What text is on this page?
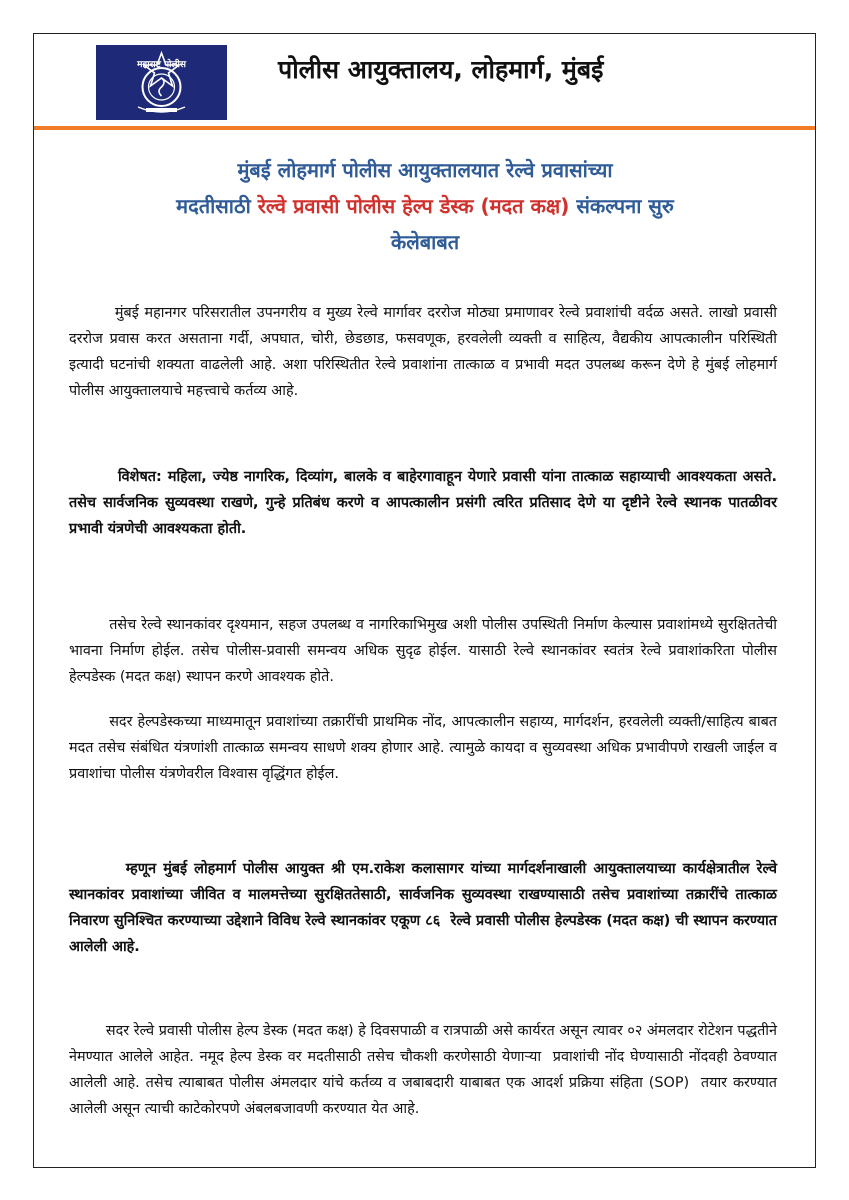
महाराष्ट्र पोलीस	पोलीस आयुक्तालय, लोहमार्ग, मुंबई
मुंबई लोहमार्ग पोलीस आयुक्तालयात रेल्वे प्रवासांच्या
मदतीसाठी रेल्वे प्रवासी पोलीस हेल्प डेस्क (मदत कक्ष) संकल्पना सुरु
केलेबाबत

मुंबई महानगर परिसरातील उपनगरीय व मुख्य रेल्वे मार्गावर दररोज मोठ्या प्रमाणावर रेल्वे प्रवाशांची वर्दळ असते. लाखो प्रवासी दररोज प्रवास करत असताना गर्दी, अपघात, चोरी, छेडछाड, फसवणूक, हरवलेली व्यक्ती व साहित्य, वैद्यकीय आपत्कालीन परिस्थिती इत्यादी घटनांची शक्यता वाढलेली आहे. अशा परिस्थितीत रेल्वे प्रवाशांना तात्काळ व प्रभावी मदत उपलब्ध करून देणे हे मुंबई लोहमार्ग पोलीस आयुक्तालयाचे महत्त्वाचे कर्तव्य आहे.

विशेषत: महिला, ज्येष्ठ नागरिक, दिव्यांग, बालके व बाहेरगावाहून येणारे प्रवासी यांना तात्काळ सहाय्याची आवश्यकता असते. तसेच सार्वजनिक सुव्यवस्था राखणे, गुन्हे प्रतिबंध करणे व आपत्कालीन प्रसंगी त्वरित प्रतिसाद देणे या दृष्टीने रेल्वे स्थानक पातळीवर प्रभावी यंत्रणेची आवश्यकता होती.

तसेच रेल्वे स्थानकांवर दृश्यमान, सहज उपलब्ध व नागरिकाभिमुख अशी पोलीस उपस्थिती निर्माण केल्यास प्रवाशांमध्ये सुरक्षिततेची भावना निर्माण होईल. तसेच पोलीस-प्रवासी समन्वय अधिक सुदृढ होईल. यासाठी रेल्वे स्थानकांवर स्वतंत्र रेल्वे प्रवाशांकरिता पोलीस हेल्पडेस्क (मदत कक्ष) स्थापन करणे आवश्यक होते.

सदर हेल्पडेस्कच्या माध्यमातून प्रवाशांच्या तक्रारींची प्राथमिक नोंद, आपत्कालीन सहाय्य, मार्गदर्शन, हरवलेली व्यक्ती/साहित्य बाबत मदत तसेच संबंधित यंत्रणांशी तात्काळ समन्वय साधणे शक्य होणार आहे. त्यामुळे कायदा व सुव्यवस्था अधिक प्रभावीपणे राखली जाईल व प्रवाशांचा पोलीस यंत्रणेवरील विश्वास वृद्धिंगत होईल.

म्हणून मुंबई लोहमार्ग पोलीस आयुक्त श्री एम.राकेश कलासागर यांच्या मार्गदर्शनाखाली आयुक्तालयाच्या कार्यक्षेत्रातील रेल्वे स्थानकांवर प्रवाशांच्या जीवित व मालमत्तेच्या सुरक्षिततेसाठी, सार्वजनिक सुव्यवस्था राखण्यासाठी तसेच प्रवाशांच्या तक्रारींचे तात्काळ निवारण सुनिश्चित करण्याच्या उद्देशाने विविध रेल्वे स्थानकांवर एकूण ८६  रेल्वे प्रवासी पोलीस हेल्पडेस्क (मदत कक्ष) ची स्थापन करण्यात आलेली आहे.

सदर रेल्वे प्रवासी पोलीस हेल्प डेस्क (मदत कक्ष) हे दिवसपाळी व रात्रपाळी असे कार्यरत असून त्यावर ०२ अंमलदार रोटेशन पद्धतीने नेमण्यात आलेले आहेत. नमूद हेल्प डेस्क वर मदतीसाठी तसेच चौकशी करणेसाठी येणाऱ्या  प्रवाशांची नोंद घेण्यासाठी नोंदवही ठेवण्यात आलेली आहे. तसेच त्याबाबत पोलीस अंमलदार यांचे कर्तव्य व जबाबदारी याबाबत एक आदर्श प्रक्रिया संहिता (SOP)  तयार करण्यात आलेली असून त्याची काटेकोरपणे अंबलबजावणी करण्यात येत आहे.
